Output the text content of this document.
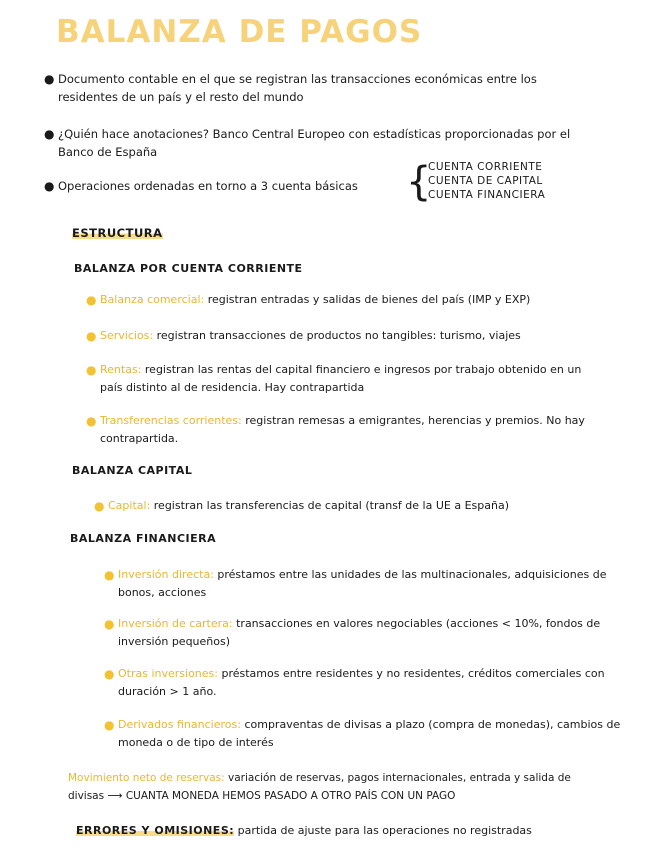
BALANZA DE PAGOS
● Documento contable en el que se registran las transacciones económicas entre los residentes de un país y el resto del mundo
● ¿Quién hace anotaciones? Banco Central Europeo con estadísticas proporcionadas por el Banco de España
● Operaciones ordenadas en torno a 3 cuenta básicas	{
CUENTA CORRIENTE
CUENTA DE CAPITAL
CUENTA FINANCIERA
ESTRUCTURA
BALANZA POR CUENTA CORRIENTE
● Balanza comercial: registran entradas y salidas de bienes del país (IMP y EXP)
● Servicios: registran transacciones de productos no tangibles: turismo, viajes
● Rentas: registran las rentas del capital financiero e ingresos por trabajo obtenido en un país distinto al de residencia. Hay contrapartida
● Transferencias corrientes: registran remesas a emigrantes, herencias y premios. No hay contrapartida.
BALANZA CAPITAL
● Capital: registran las transferencias de capital (transf de la UE a España)
BALANZA FINANCIERA
● Inversión directa: préstamos entre las unidades de las multinacionales, adquisiciones de bonos, acciones
● Inversión de cartera: transacciones en valores negociables (acciones < 10%, fondos de inversión pequeños)
● Otras inversiones: préstamos entre residentes y no residentes, créditos comerciales con duración > 1 año.
● Derivados financieros: compraventas de divisas a plazo (compra de monedas), cambios de moneda o de tipo de interés
Movimiento neto de reservas: variación de reservas, pagos internacionales, entrada y salida de divisas ⟶ CUANTA MONEDA HEMOS PASADO A OTRO PAÍS CON UN PAGO
ERRORES Y OMISIONES: partida de ajuste para las operaciones no registradas
